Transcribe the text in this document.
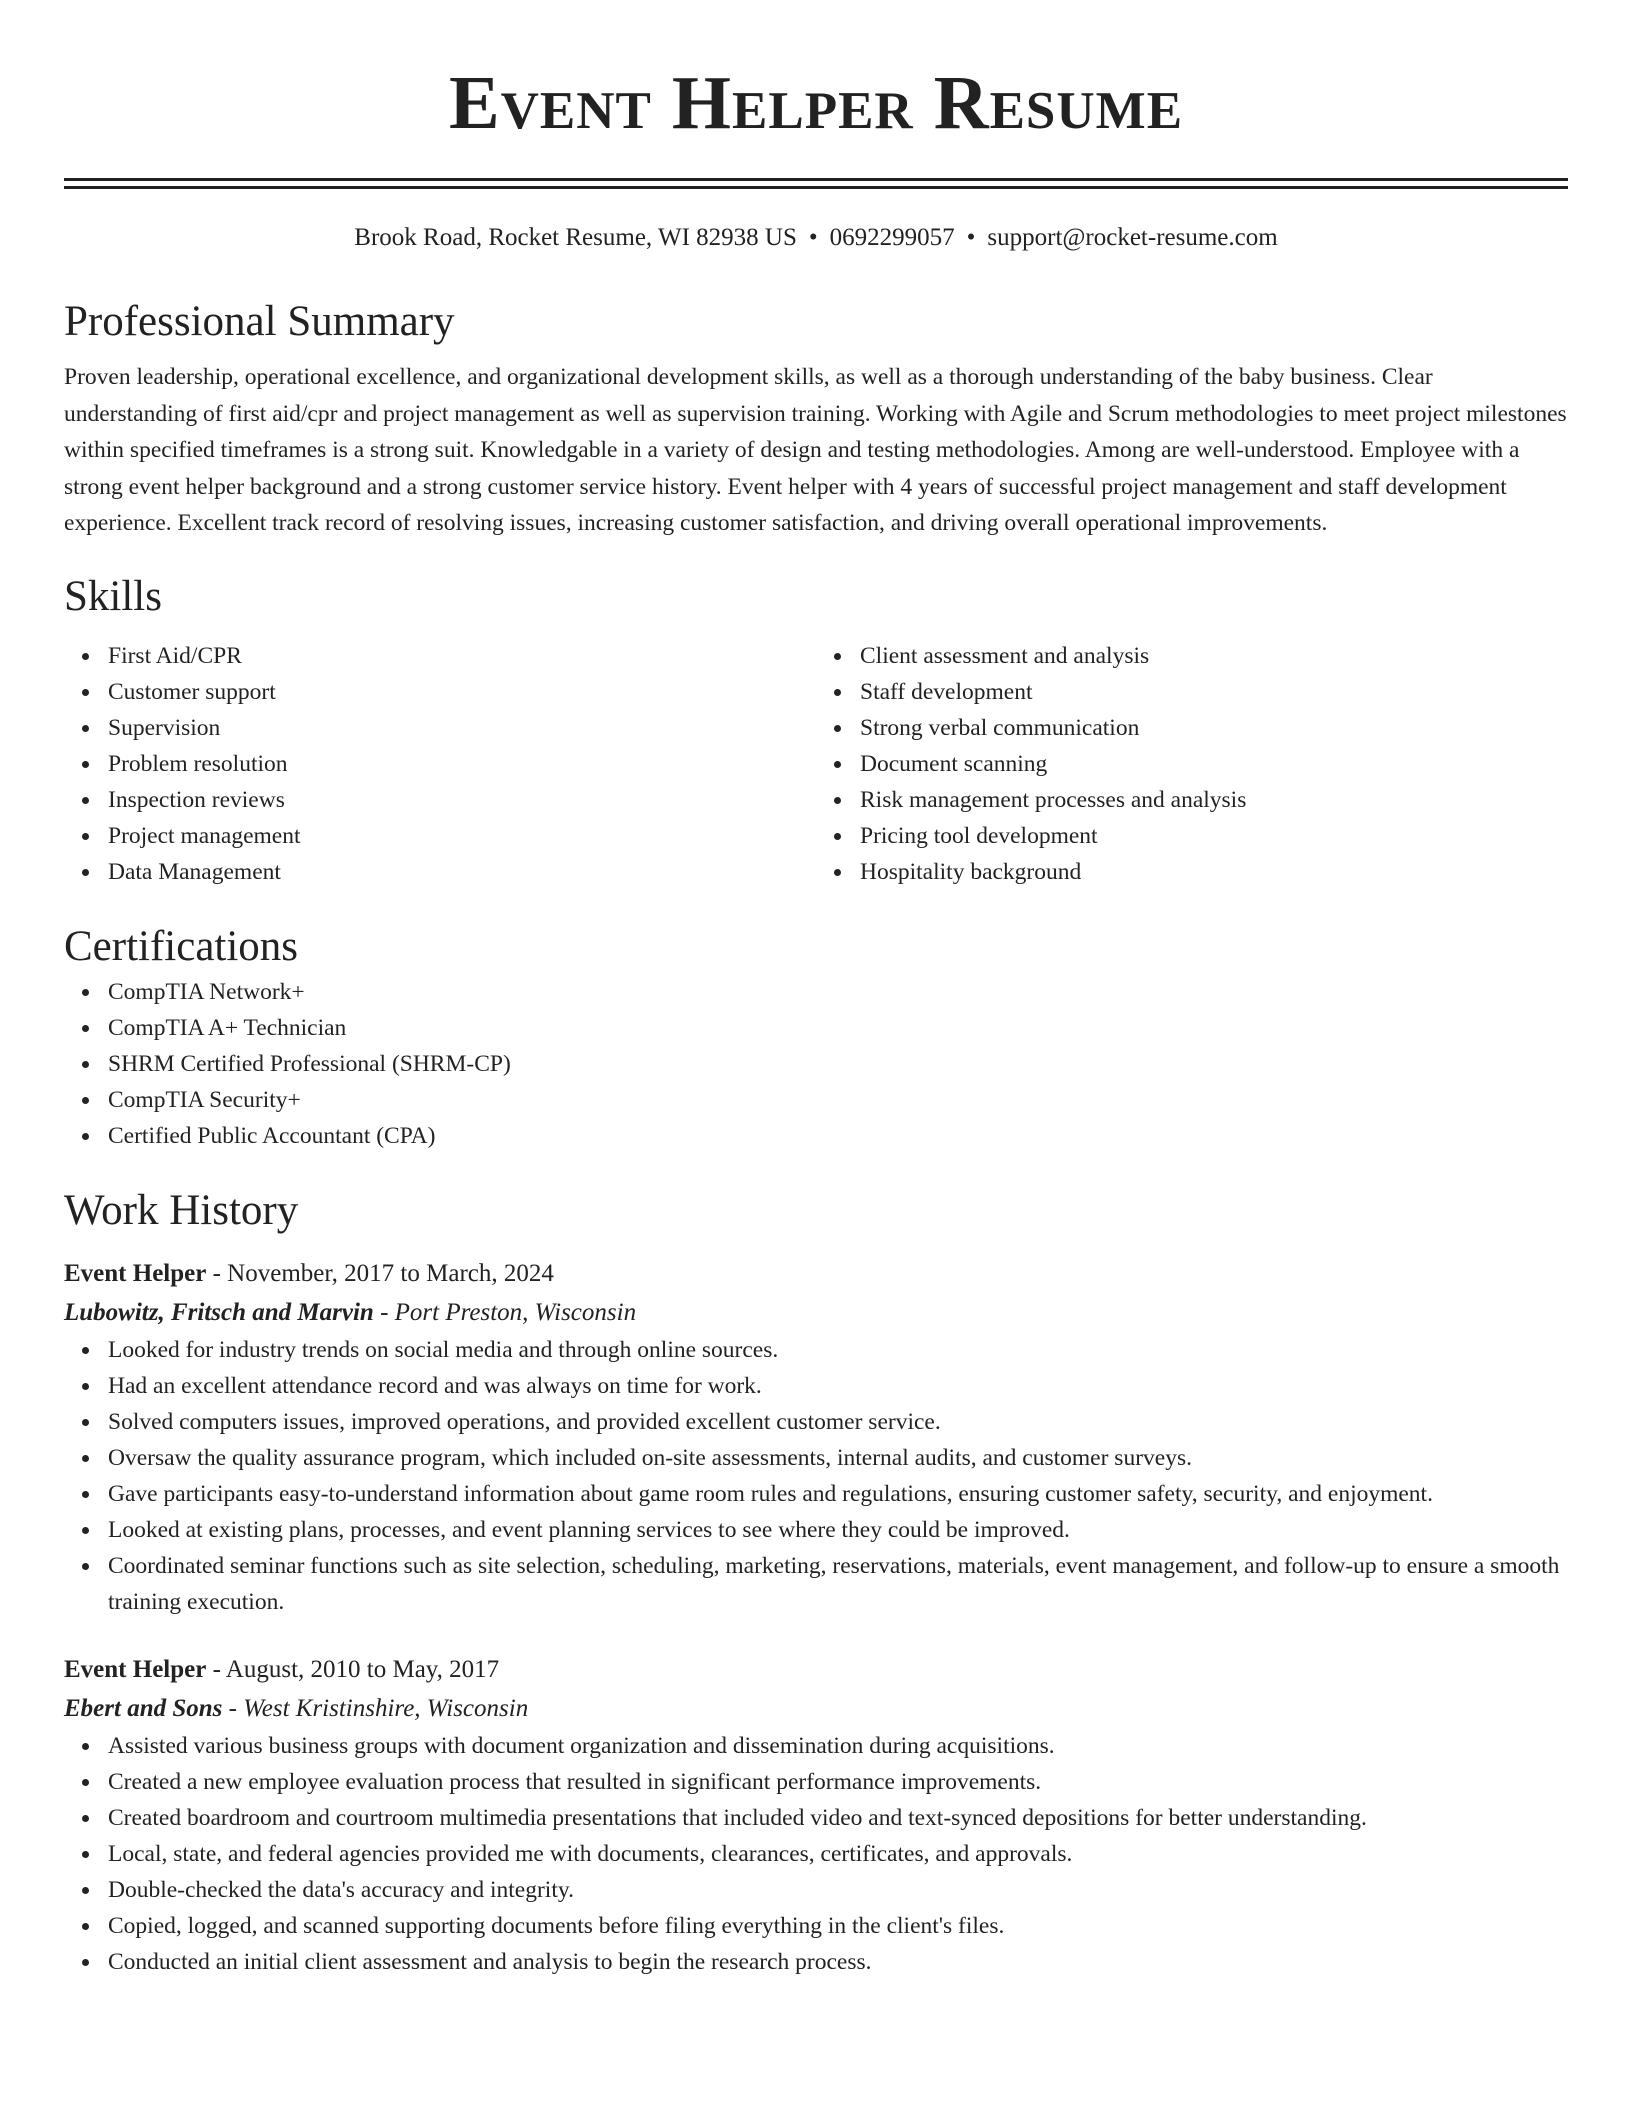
Event Helper Resume
Brook Road, Rocket Resume, WI 82938 US • 0692299057 • support@rocket-resume.com
Professional Summary

Proven leadership, operational excellence, and organizational development skills, as well as a thorough understanding of the baby business. Clear understanding of first aid/cpr and project management as well as supervision training. Working with Agile and Scrum methodologies to meet project milestones within specified timeframes is a strong suit. Knowledgable in a variety of design and testing methodologies. Among are well-understood. Employee with a strong event helper background and a strong customer service history. Event helper with 4 years of successful project management and staff development experience. Excellent track record of resolving issues, increasing customer satisfaction, and driving overall operational improvements.

Skills
First Aid/CPR
Customer support
Supervision
Problem resolution
Inspection reviews
Project management
Data Management
Client assessment and analysis
Staff development
Strong verbal communication
Document scanning
Risk management processes and analysis
Pricing tool development
Hospitality background
Certifications
CompTIA Network+
CompTIA A+ Technician
SHRM Certified Professional (SHRM-CP)
CompTIA Security+
Certified Public Accountant (CPA)
Work History
Event Helper - November, 2017 to March, 2024
Lubowitz, Fritsch and Marvin - Port Preston, Wisconsin
Looked for industry trends on social media and through online sources.
Had an excellent attendance record and was always on time for work.
Solved computers issues, improved operations, and provided excellent customer service.
Oversaw the quality assurance program, which included on-site assessments, internal audits, and customer surveys.
Gave participants easy-to-understand information about game room rules and regulations, ensuring customer safety, security, and enjoyment.
Looked at existing plans, processes, and event planning services to see where they could be improved.
Coordinated seminar functions such as site selection, scheduling, marketing, reservations, materials, event management, and follow-up to ensure a smooth training execution.
Event Helper - August, 2010 to May, 2017
Ebert and Sons - West Kristinshire, Wisconsin
Assisted various business groups with document organization and dissemination during acquisitions.
Created a new employee evaluation process that resulted in significant performance improvements.
Created boardroom and courtroom multimedia presentations that included video and text-synced depositions for better understanding.
Local, state, and federal agencies provided me with documents, clearances, certificates, and approvals.
Double-checked the data's accuracy and integrity.
Copied, logged, and scanned supporting documents before filing everything in the client's files.
Conducted an initial client assessment and analysis to begin the research process.
